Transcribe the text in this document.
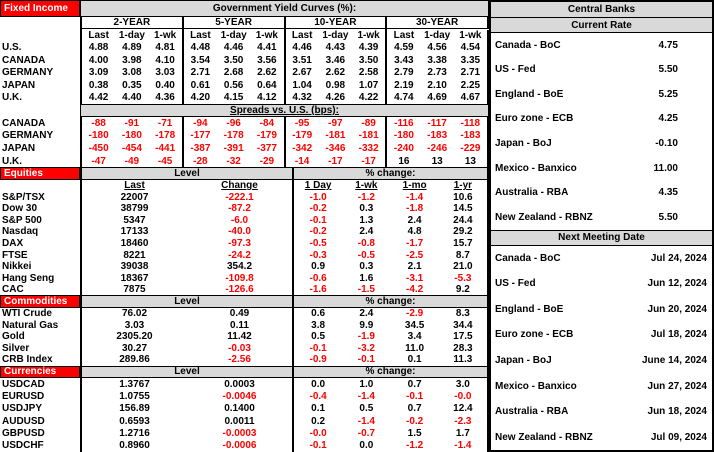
Fixed Income	Government Yield Curves (%):
2-YEAR	5-YEAR	10-YEAR	30-YEAR
Last 1-day 1-wk	Last 1-day 1-wk	Last 1-day 1-wk	Last 1-day 1-wk
U.S.	4.88	4.89	4.81	4.48	4.46	4.41	4.46	4.43	4.39	4.59	4.56	4.54
CANADA	4.00	3.98	4.10	3.54	3.50	3.56	3.51	3.46	3.50	3.43	3.38	3.35
GERMANY	3.09	3.08	3.03	2.71	2.68	2.62	2.67	2.62	2.58	2.79	2.73	2.71
JAPAN	0.38	0.35	0.40	0.61	0.56	0.64	1.04	0.98	1.07	2.19	2.10	2.25
U.K.	4.42	4.40	4.36	4.20	4.15	4.12	4.32	4.26	4.22	4.74	4.69	4.67
Spreads vs. U.S. (bps):
CANADA	-88	-91	-71	-94	-96	-84	-95	-97	-89	-116	-117	-118
GERMANY	-180	-180	-178	-177	-178	-179	-179	-181	-181	-180	-183	-183
JAPAN	-450	-454	-441	-387	-391	-377	-342	-346	-332	-240	-246	-229
U.K.	-47	-49	-45	-28	-32	-29	-14	-17	-17	16	13	13
Equities	Level	% change:
Last	Change	1 Day	1-wk	1-mo	1-yr
S&P/TSX	22007	-222.1	-1.0	-1.2	-1.4	10.6
Dow 30	38799	-87.2	-0.2	0.3	-1.8	14.5
S&P 500	5347	-6.0	-0.1	1.3	2.4	24.4
Nasdaq	17133	-40.0	-0.2	2.4	4.8	29.2
DAX	18460	-97.3	-0.5	-0.8	-1.7	15.7
FTSE	8221	-24.2	-0.3	-0.5	-2.5	8.7
Nikkei	39038	354.2	0.9	0.3	2.1	21.0
Hang Seng	18367	-109.8	-0.6	1.6	-3.1	-5.3
CAC	7875	-126.6	-1.6	-1.5	-4.2	9.2
Commodities	Level	% change:
WTI Crude	76.02	0.49	0.6	2.4	-2.9	8.3
Natural Gas	3.03	0.11	3.8	9.9	34.5	34.4
Gold	2305.20	11.42	0.5	-1.9	3.4	17.5
Silver	30.27	-0.03	-0.1	-3.2	11.0	28.3
CRB Index	289.86	-2.56	-0.9	-0.1	0.1	11.3
Currencies	Level	% change:
USDCAD	1.3767	0.0003	0.0	1.0	0.7	3.0
EURUSD	1.0755	-0.0046	-0.4	-1.4	-0.1	-0.0
USDJPY	156.89	0.1400	0.1	0.5	0.7	12.4
AUDUSD	0.6593	0.0011	0.2	-1.4	-0.2	-2.3
GBPUSD	1.2716	-0.0003	-0.0	-0.7	1.5	1.7
USDCHF	0.8960	-0.0006	-0.1	0.0	-1.2	-1.4
Central Banks
Current Rate
Canada - BoC	4.75
US - Fed	5.50
England - BoE	5.25
Euro zone - ECB	4.25
Japan - BoJ	-0.10
Mexico - Banxico	11.00
Australia - RBA	4.35
New Zealand - RBNZ	5.50
Next Meeting Date
Canada - BoC	Jul 24, 2024
US - Fed	Jun 12, 2024
England - BoE	Jun 20, 2024
Euro zone - ECB	Jul 18, 2024
Japan - BoJ	June 14, 2024
Mexico - Banxico	Jun 27, 2024
Australia - RBA	Jun 18, 2024
New Zealand - RBNZ	Jul 09, 2024
